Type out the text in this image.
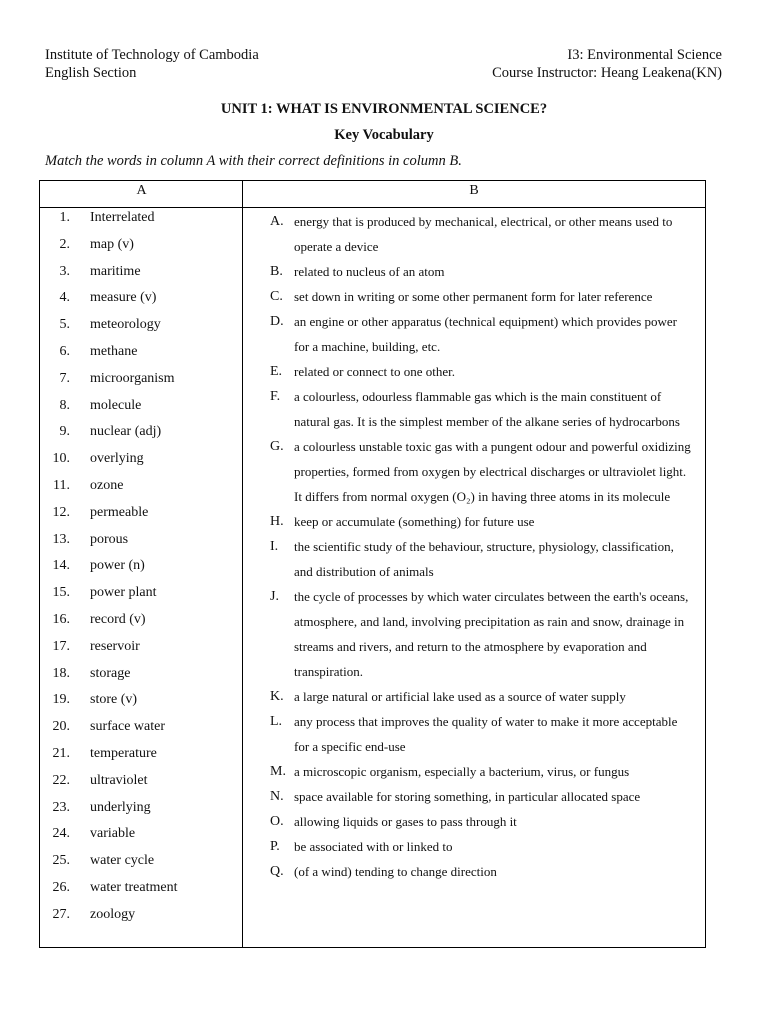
Institute of Technology of Cambodia
English Section
I3: Environmental Science
Course Instructor: Heang Leakena(KN)
UNIT 1: WHAT IS ENVIRONMENTAL SCIENCE?
Key Vocabulary
Match the words in column A with their correct definitions in column B.
A	B
1. Interrelated
2. map (v)
3. maritime
4. measure (v)
5. meteorology
6. methane
7. microorganism
8. molecule
9. nuclear (adj)
10. overlying
11. ozone
12. permeable
13. porous
14. power (n)
15. power plant
16. record (v)
17. reservoir
18. storage
19. store (v)
20. surface water
21. temperature
22. ultraviolet
23. underlying
24. variable
25. water cycle
26. water treatment
27. zoology
A. energy that is produced by mechanical, electrical, or other means used to operate a device
B. related to nucleus of an atom
C. set down in writing or some other permanent form for later reference
D. an engine or other apparatus (technical equipment) which provides power for a machine, building, etc.
E. related or connect to one other.
F. a colourless, odourless flammable gas which is the main constituent of natural gas. It is the simplest member of the alkane series of hydrocarbons
G. a colourless unstable toxic gas with a pungent odour and powerful oxidizing properties, formed from oxygen by electrical discharges or ultraviolet light. It differs from normal oxygen (O₂) in having three atoms in its molecule
H. keep or accumulate (something) for future use
I. the scientific study of the behaviour, structure, physiology, classification, and distribution of animals
J. the cycle of processes by which water circulates between the earth's oceans, atmosphere, and land, involving precipitation as rain and snow, drainage in streams and rivers, and return to the atmosphere by evaporation and transpiration.
K. a large natural or artificial lake used as a source of water supply
L. any process that improves the quality of water to make it more acceptable for a specific end-use
M. a microscopic organism, especially a bacterium, virus, or fungus
N. space available for storing something, in particular allocated space
O. allowing liquids or gases to pass through it
P. be associated with or linked to
Q. (of a wind) tending to change direction
